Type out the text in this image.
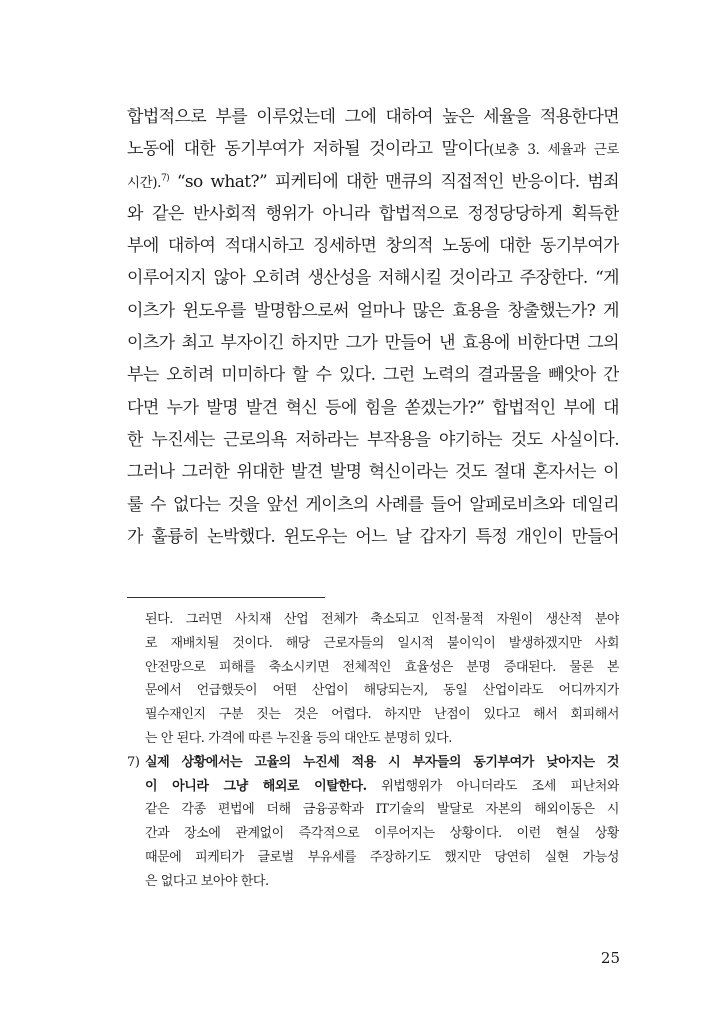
합법적으로 부를 이루었는데 그에 대하여 높은 세율을 적용한다면
노동에 대한 동기부여가 저하될 것이라고 말이다(보충 3. 세율과 근로
시간).$^{7)}$ “so what?” 피케티에 대한 맨큐의 직접적인 반응이다. 범죄
와 같은 반사회적 행위가 아니라 합법적으로 정정당당하게 획득한
부에 대하여 적대시하고 징세하면 창의적 노동에 대한 동기부여가
이루어지지 않아 오히려 생산성을 저해시킬 것이라고 주장한다. “게
이츠가 윈도우를 발명함으로써 얼마나 많은 효용을 창출했는가? 게
이츠가 최고 부자이긴 하지만 그가 만들어 낸 효용에 비한다면 그의
부는 오히려 미미하다 할 수 있다. 그런 노력의 결과물을 빼앗아 간
다면 누가 발명 발견 혁신 등에 힘을 쏟겠는가?” 합법적인 부에 대
한 누진세는 근로의욕 저하라는 부작용을 야기하는 것도 사실이다.
그러나 그러한 위대한 발견 발명 혁신이라는 것도 절대 혼자서는 이
룰 수 없다는 것을 앞선 게이츠의 사례를 들어 알페로비츠와 데일리
가 훌륭히 논박했다. 윈도우는 어느 날 갑자기 특정 개인이 만들어
된다. 그러면 사치재 산업 전체가 축소되고 인적·물적 자원이 생산적 분야
로 재배치될 것이다. 해당 근로자들의 일시적 불이익이 발생하겠지만 사회
안전망으로 피해를 축소시키면 전체적인 효율성은 분명 증대된다. 물론 본
문에서 언급했듯이 어떤 산업이 해당되는지, 동일 산업이라도 어디까지가
필수재인지 구분 짓는 것은 어렵다. 하지만 난점이 있다고 해서 회피해서
는 안 된다. 가격에 따른 누진율 등의 대안도 분명히 있다.
7) 실제 상황에서는 고율의 누진세 적용 시 부자들의 동기부여가 낮아지는 것
이 아니라 그냥 해외로 이탈한다. 위법행위가 아니더라도 조세 피난처와
같은 각종 편법에 더해 금융공학과 IT기술의 발달로 자본의 해외이동은 시
간과 장소에 관계없이 즉각적으로 이루어지는 상황이다. 이런 현실 상황
때문에 피케티가 글로벌 부유세를 주장하기도 했지만 당연히 실현 가능성
은 없다고 보아야 한다.
25
